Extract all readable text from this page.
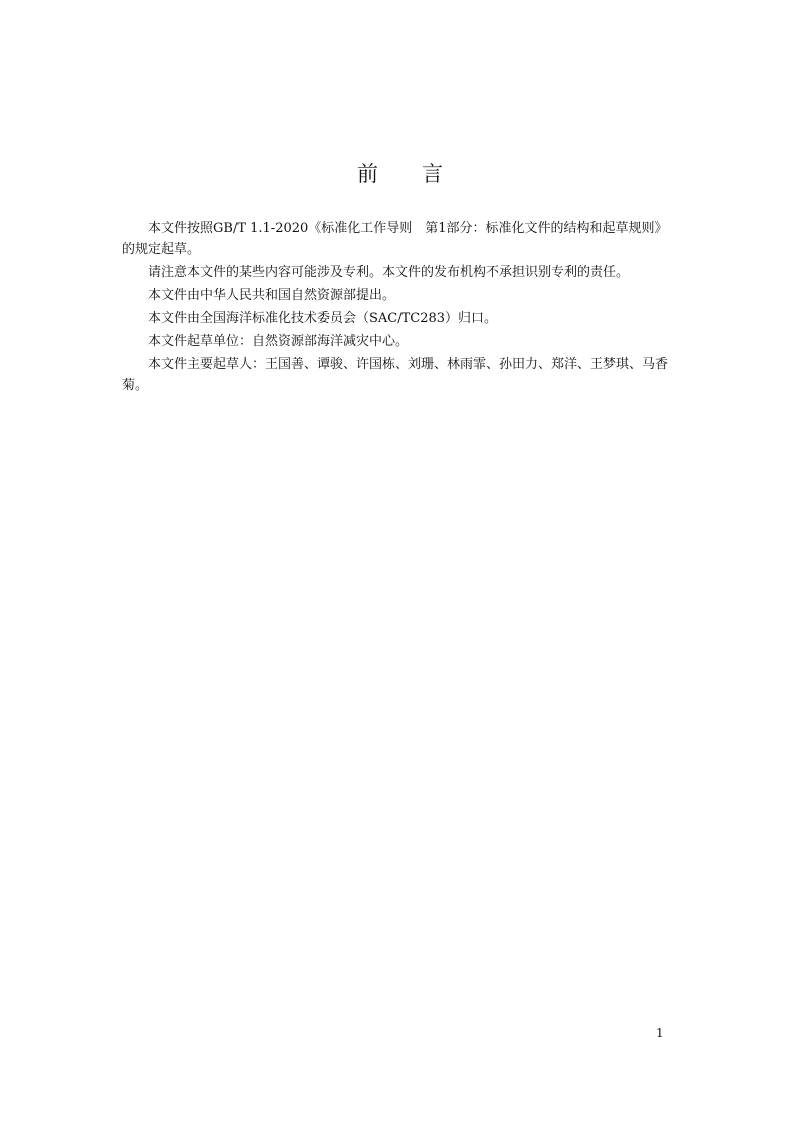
前 言

本文件按照GB/T 1.1-2020《标准化工作导则　第1部分：标准化文件的结构和起草规则》的规定起草。

请注意本文件的某些内容可能涉及专利。本文件的发布机构不承担识别专利的责任。

本文件由中华人民共和国自然资源部提出。

本文件由全国海洋标准化技术委员会（SAC/TC283）归口。

本文件起草单位：自然资源部海洋减灾中心。

本文件主要起草人：王国善、谭骏、许国栋、刘珊、林雨霏、孙田力、郑洋、王梦琪、马香菊。

1
